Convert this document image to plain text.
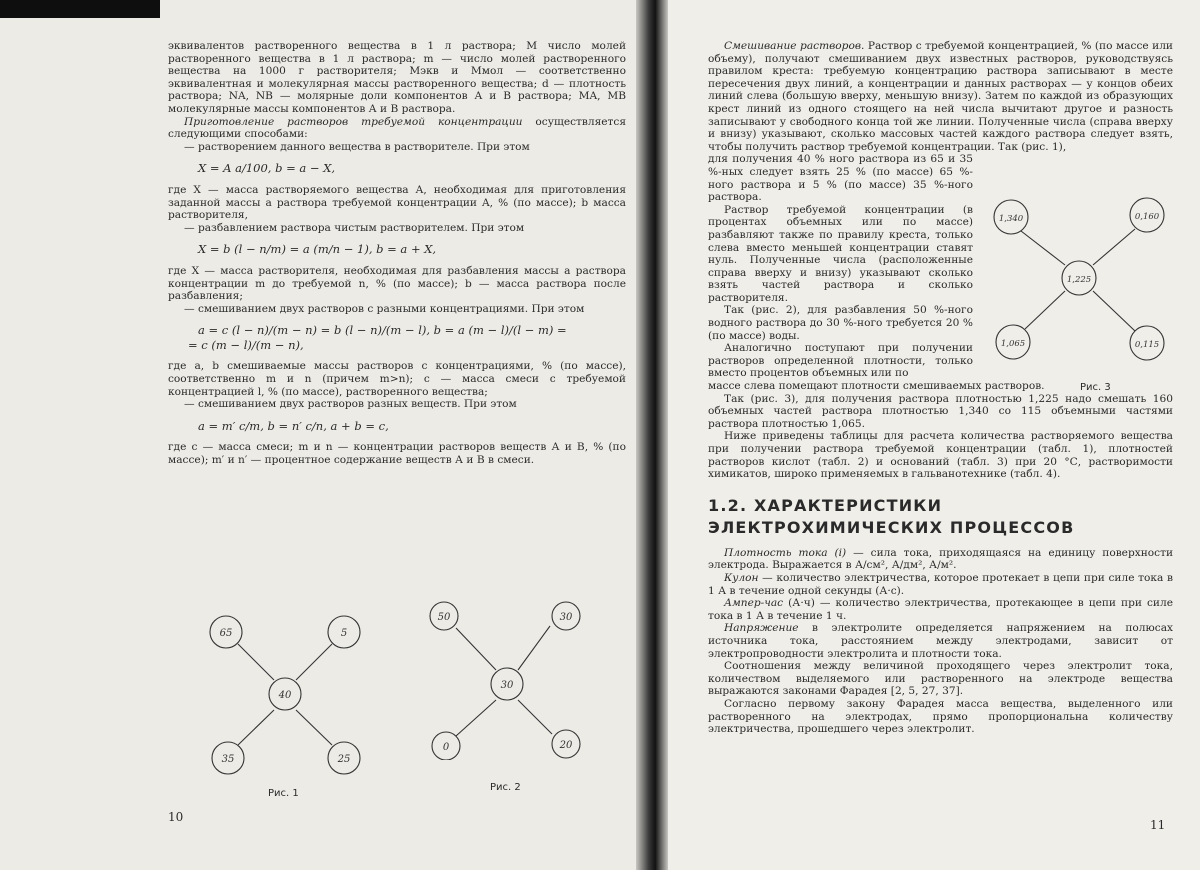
эквивалентов растворенного вещества в 1 л раствора; M число молей растворенного вещества в 1 л раствора; m — число молей растворенного вещества на 1000 г растворителя; Mэкв и Mмол — соответственно эквивалентная и молекулярная массы растворенного вещества; d — плотность раствора; NA, NB — молярные доли компонентов А и В раствора; MA, MB молекулярные массы компонентов А и В раствора.

Приготовление растворов требуемой концентрации осуществляется следующими способами:

— растворением данного вещества в растворителе. При этом

X = A a/100, b = a − X,

где X — масса растворяемого вещества A, необходимая для приготовления заданной массы a раствора требуемой концентрации A, % (по массе); b масса растворителя,

— разбавлением раствора чистым растворителем. При этом

X = b (l − n/m) = a (m/n − 1), b = a + X,

где X — масса растворителя, необходимая для разбавления массы a раствора концентрации m до требуемой n, % (по массе); b — масса раствора после разбавления;

— смешиванием двух растворов с разными концентрациями. При этом

a = c (l − n)/(m − n) = b (l − n)/(m − l), b = a (m − l)/(l − m) =

= c (m − l)/(m − n),

где a, b смешиваемые массы растворов с концентрациями, % (по массе), соответственно m и n (причем m>n); c — масса смеси с требуемой концентрацией l, % (по массе), растворенного вещества;

— смешиванием двух растворов разных веществ. При этом

a = m′ c/m, b = n′ c/n, a + b = c,

где c — масса смеси; m и n — концентрации растворов веществ А и В, % (по массе); m′ и n′ — процентное содержание веществ А и В в смеси.

65	5
40
35	25
Рис. 1
50	30
30
0	20
Рис. 2

Смешивание растворов. Раствор с требуемой концентрацией, % (по массе или объему), получают смешиванием двух известных растворов, руководствуясь правилом креста: требуемую концентрацию раствора записывают в месте пересечения двух линий, а концентрации и данных растворах — у концов обеих линий слева (большую вверху, меньшую внизу). Затем по каждой из образующих крест линий из одного стоящего на ней числа вычитают другое и разность записывают у свободного конца той же линии. Полученные числа (справа вверху и внизу) указывают, сколько массовых частей каждого раствора следует взять, чтобы получить раствор требуемой концентрации. Так (рис. 1),

для получения 40 % ного раствора из 65 и 35 %-ных следует взять 25 % (по массе) 65 %-ного раствора и 5 % (по массе) 35 %-ного раствора.

Раствор требуемой концентрации (в процентах объемных или по массе) разбавляют также по правилу креста, только слева вместо меньшей концентрации ставят нуль. Полученные числа (расположенные справа вверху и внизу) указывают сколько взять частей раствора и сколько растворителя.

Так (рис. 2), для разбавления 50 %-ного водного раствора до 30 %-ного требуется 20 % (по массе) воды.

Аналогично поступают при получении растворов определенной плотности, только вместо процентов объемных или по

массе слева помещают плотности смешиваемых растворов.

Так (рис. 3), для получения раствора плотностью 1,225 надо смешать 160 объемных частей раствора плотностью 1,340 со 115 объемными частями раствора плотностью 1,065.

Ниже приведены таблицы для расчета количества растворяемого вещества при получении раствора требуемой концентрации (табл. 1), плотностей растворов кислот (табл. 2) и оснований (табл. 3) при 20 °С, растворимости химикатов, широко применяемых в гальванотехнике (табл. 4).

1.2. ХАРАКТЕРИСТИКИ
ЭЛЕКТРОХИМИЧЕСКИХ ПРОЦЕССОВ

Плотность тока (i) — сила тока, приходящаяся на единицу поверхности электрода. Выражается в А/см², А/дм², А/м².

Кулон — количество электричества, которое протекает в цепи при силе тока в 1 А в течение одной секунды (А·с).

Ампер-час (А·ч) — количество электричества, протекающее в цепи при силе тока в 1 А в течение 1 ч.

Напряжение в электролите определяется напряжением на полюсах источника тока, расстоянием между электродами, зависит от электропроводности электролита и плотности тока.

Соотношения между величиной проходящего через электролит тока, количеством выделяемого или растворенного на электроде вещества выражаются законами Фарадея [2, 5, 27, 37].

Согласно первому закону Фарадея масса вещества, выделенного или растворенного на электродах, прямо пропорциональна количеству электричества, прошедшего через электролит.

1,340	0,160
1,225
1,065	0,115
Рис. 3
10
11
